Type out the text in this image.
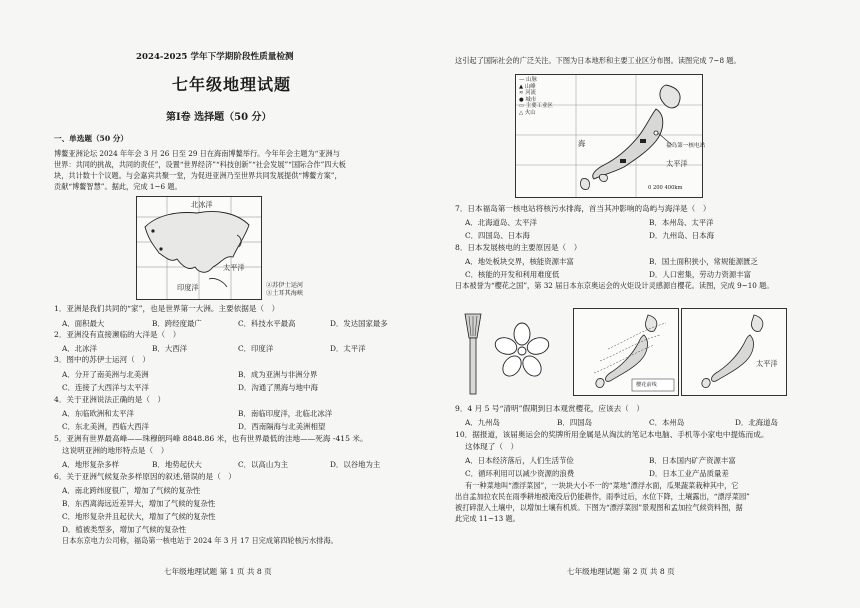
2024-2025 学年下学期阶段性质量检测
七年级地理试题
第Ⅰ卷 选择题（50 分）
一、单选题（50 分）
博鳌亚洲论坛 2024 年年会 3 月 26 日至 29 日在海南博鳌举行。今年年会主题为“亚洲与
世界：共同的挑战，共同的责任”，设置“世界经济”“科技创新”“社会发展”“国际合作”四大板
块，共计数十个议题。与会嘉宾共聚一堂，为促进亚洲乃至世界共同发展提供“博鳌方案”，
贡献“博鳌智慧”。据此，完成 1~6 题。
北冰洋
太平洋
印度洋	②苏伊士运河
③土耳其海峡
1．亚洲是我们共同的“家”，也是世界第一大洲。主要依据是（　）
A．面积最大	B．跨经度最广	C．科技水平最高	D．发达国家最多
2．亚洲没有直接濒临的大洋是（　）
A．北冰洋	B．大西洋	C．印度洋	D．太平洋
3．图中的苏伊士运河（　）
A．分开了南美洲与北美洲	B．成为亚洲与非洲分界
C．连接了大西洋与太平洋	D．沟通了黑海与地中海
4．关于亚洲说法正确的是（　）
A．东临欧洲和太平洋	B．南临印度洋，北临北冰洋
C．东北美洲，西临大西洋	D．西南隔海与北美洲相望
5．亚洲有世界最高峰——珠穆朗玛峰 8848.86 米，也有世界最低的洼地——死海 -415 米。
这说明亚洲的地形特点是（　）
A．地形复杂多样	B．地势起伏大	C．以高山为主	D．以谷地为主
6．关于亚洲气候复杂多样原因的叙述,错误的是（　）
A．南北跨纬度很广，增加了气候的复杂性
B．东西离海远近差异大，增加了气候的复杂性
C．地形复杂并且起伏大，增加了气候的复杂性
D．植被类型多，增加了气候的复杂性
日本东京电力公司称，福岛第一核电站于 2024 年 3 月 17 日完成第四轮核污水排海。
七年级地理试题 第 1 页 共 8 页
这引起了国际社会的广泛关注。下图为日本地形和主要工业区分布图。读图完成 7~8 题。
— 山脉
▲ 山峰
≈ 河流
● 城市
▭ 主要工业区
△ 火山
海
太平洋
福岛第一核电站
0 200 400km
7．日本福岛第一核电站将核污水排海，首当其冲影响的岛屿与海洋是（　）
A．北海道岛、太平洋	B．本州岛、太平洋
C．四国岛、日本海	D．九州岛、日本海
8．日本发展核电的主要原因是（　）
A．地处板块交界，核能资源丰富	B．国土面积狭小，常规能源匮乏
C．核能的开发和利用难度低	D．人口密集，劳动力资源丰富
日本被誉为“樱花之国”，第 32 届日本东京奥运会的火炬设计灵感源自樱花。读图，完成 9~10 题。
樱花前线
太平洋
9．4 月 5 号“清明”假期到日本观赏樱花，应该去（　）
A．九州岛	B．四国岛	C．本州岛	D．北海道岛
10．据报道，该届奥运会的奖牌所用金属是从淘汰的笔记本电脑、手机等小家电中提炼而成。
这体现了（　）
A．日本经济落后，人们生活节俭	B．日本国内矿产资源丰富
C．循环利用可以减少资源的浪费	D．日本工业产品质量差
有一种菜地叫“漂浮菜园”，一块块大小不一的“菜地”漂浮水面，瓜果蔬菜栽种其中，它
出自孟加拉农民在雨季耕地被淹没后仍能耕作，雨季过后，水位下降，土壤露出，“漂浮菜园”
被打碎混入土壤中，以增加土壤有机质。下图为“漂浮菜园”景观图和孟加拉气候资料图，据
此完成 11~13 题。
七年级地理试题 第 2 页 共 8 页
